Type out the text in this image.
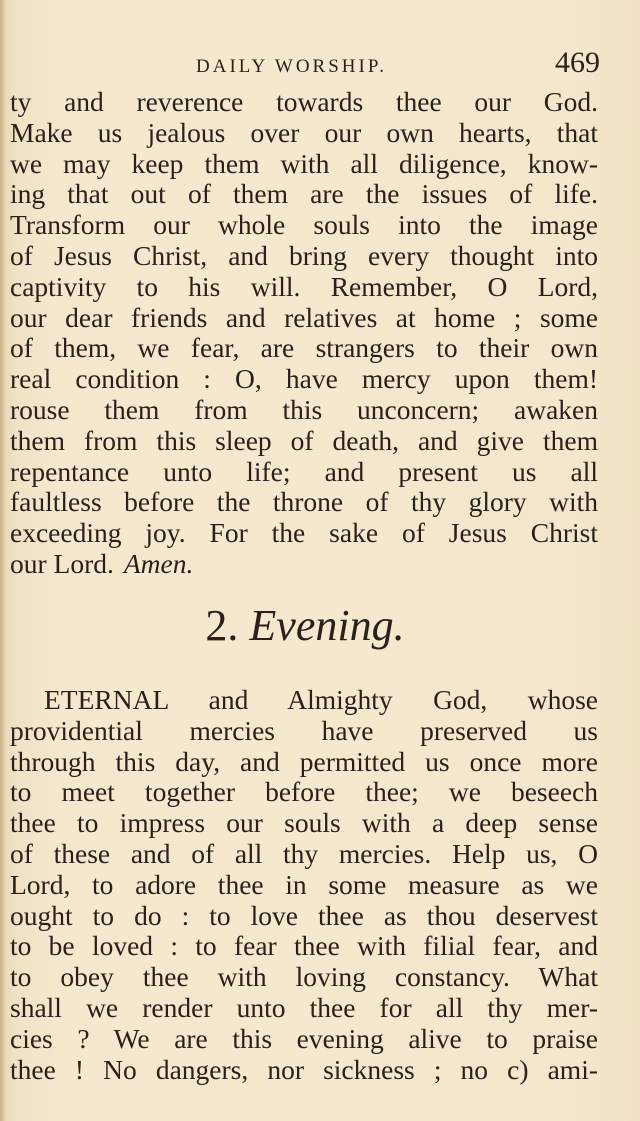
DAILY WORSHIP.	469
ty and reverence towards thee our God.
Make us jealous over our own hearts, that
we may keep them with all diligence, know-
ing that out of them are the issues of life.
Transform our whole souls into the image
of Jesus Christ, and bring every thought into
captivity to his will. Remember, O Lord,
our dear friends and relatives at home ; some
of them, we fear, are strangers to their own
real condition : O, have mercy upon them!
rouse them from this unconcern; awaken
them from this sleep of death, and give them
repentance unto life; and present us all
faultless before the throne of thy glory with
exceeding joy. For the sake of Jesus Christ
our Lord. Amen.
2. Evening.
ETERNAL and Almighty God, whose
providential mercies have preserved us
through this day, and permitted us once more
to meet together before thee; we beseech
thee to impress our souls with a deep sense
of these and of all thy mercies. Help us, O
Lord, to adore thee in some measure as we
ought to do : to love thee as thou deservest
to be loved : to fear thee with filial fear, and
to obey thee with loving constancy. What
shall we render unto thee for all thy mer-
cies ? We are this evening alive to praise
thee ! No dangers, nor sickness ; no c) ami-
